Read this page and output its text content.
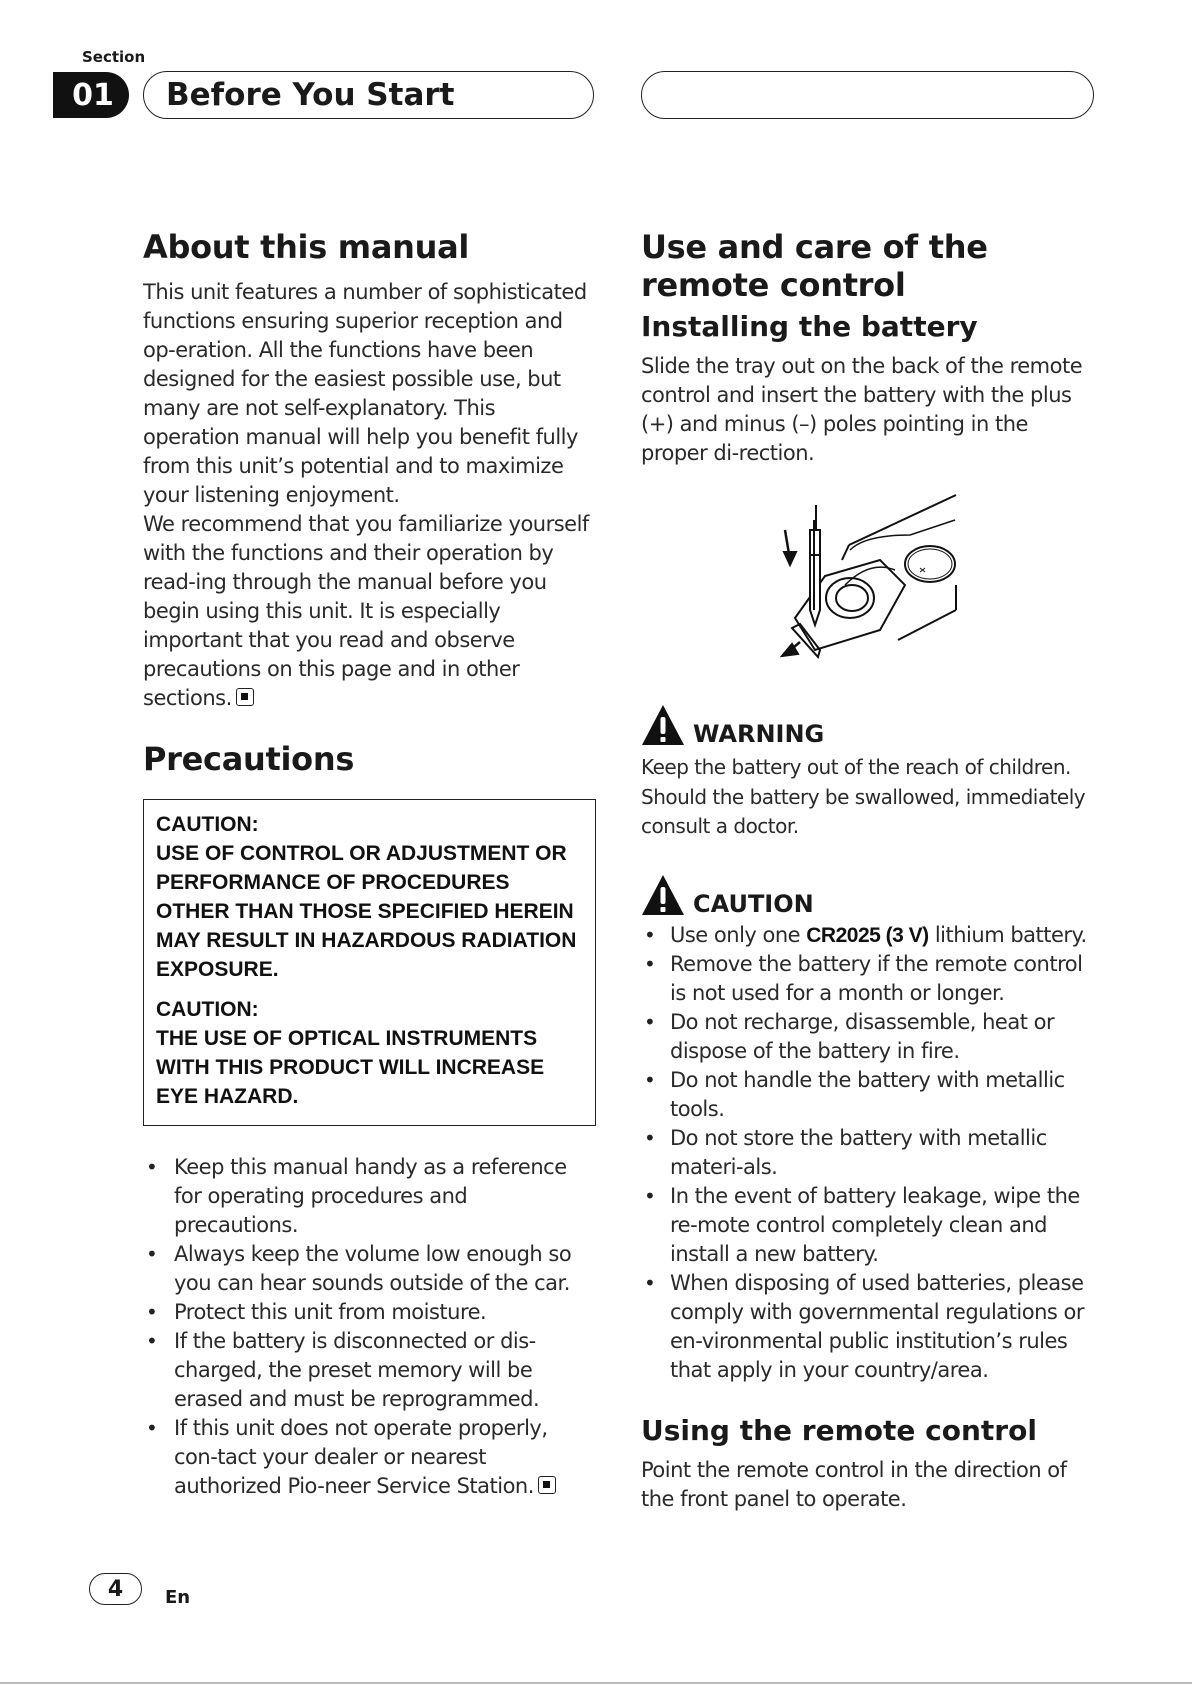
Section
01	Before You Start
About this manual

This unit features a number of sophisticated functions ensuring superior reception and op-eration. All the functions have been designed for the easiest possible use, but many are not self-explanatory. This operation manual will help you benefit fully from this unit’s potential and to maximize your listening enjoyment.

We recommend that you familiarize yourself with the functions and their operation by read-ing through the manual before you begin using this unit. It is especially important that you read and observe precautions on this page and in other sections.

Precautions
CAUTION:
USE OF CONTROL OR ADJUSTMENT OR PERFORMANCE OF PROCEDURES OTHER THAN THOSE SPECIFIED HEREIN MAY RESULT IN HAZARDOUS RADIATION EXPOSURE.
CAUTION:
THE USE OF OPTICAL INSTRUMENTS WITH THIS PRODUCT WILL INCREASE EYE HAZARD.
• Keep this manual handy as a reference for operating procedures and precautions.
• Always keep the volume low enough so you can hear sounds outside of the car.
• Protect this unit from moisture.
• If the battery is disconnected or dis-charged, the preset memory will be erased and must be reprogrammed.
• If this unit does not operate properly, con-tact your dealer or nearest authorized Pio-neer Service Station.
Use and care of the remote control
Installing the battery

Slide the tray out on the back of the remote control and insert the battery with the plus (+) and minus (–) poles pointing in the proper di-rection.

WARNING
Keep the battery out of the reach of children. Should the battery be swallowed, immediately consult a doctor.
CAUTION
• Use only one CR2025 (3 V) lithium battery.
• Remove the battery if the remote control is not used for a month or longer.
• Do not recharge, disassemble, heat or dispose of the battery in fire.
• Do not handle the battery with metallic tools.
• Do not store the battery with metallic materi-als.
• In the event of battery leakage, wipe the re-mote control completely clean and install a new battery.
• When disposing of used batteries, please comply with governmental regulations or en-vironmental public institution’s rules that apply in your country/area.
Using the remote control

Point the remote control in the direction of the front panel to operate.

4	En
